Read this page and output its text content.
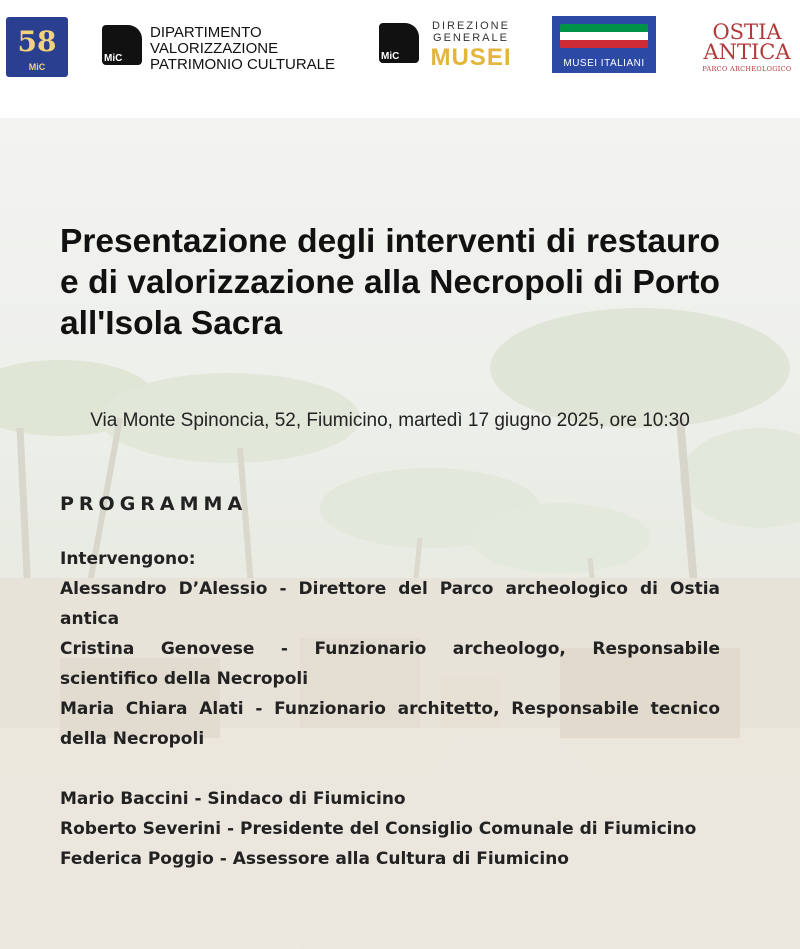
58
MiC
MiC
DIPARTIMENTO
VALORIZZAZIONE
PATRIMONIO CULTURALE	MiC
DIREZIONE
GENERALE
MUSEI	MUSEI ITALIANI
OSTIA
ANTICA
PARCO ARCHEOLOGICO
Presentazione degli interventi di restauro e di valorizzazione alla Necropoli di Porto all'Isola Sacra
Via Monte Spinoncia, 52, Fiumicino, martedì 17 giugno 2025, ore 10:30
PROGRAMMA
Intervengono:
Alessandro D’Alessio - Direttore del Parco archeologico di Ostia antica
Cristina Genovese - Funzionario archeologo, Responsabile scientifico della Necropoli
Maria Chiara Alati - Funzionario architetto, Responsabile tecnico della Necropoli
Mario Baccini - Sindaco di Fiumicino
Roberto Severini - Presidente del Consiglio Comunale di Fiumicino
Federica Poggio - Assessore alla Cultura di Fiumicino
